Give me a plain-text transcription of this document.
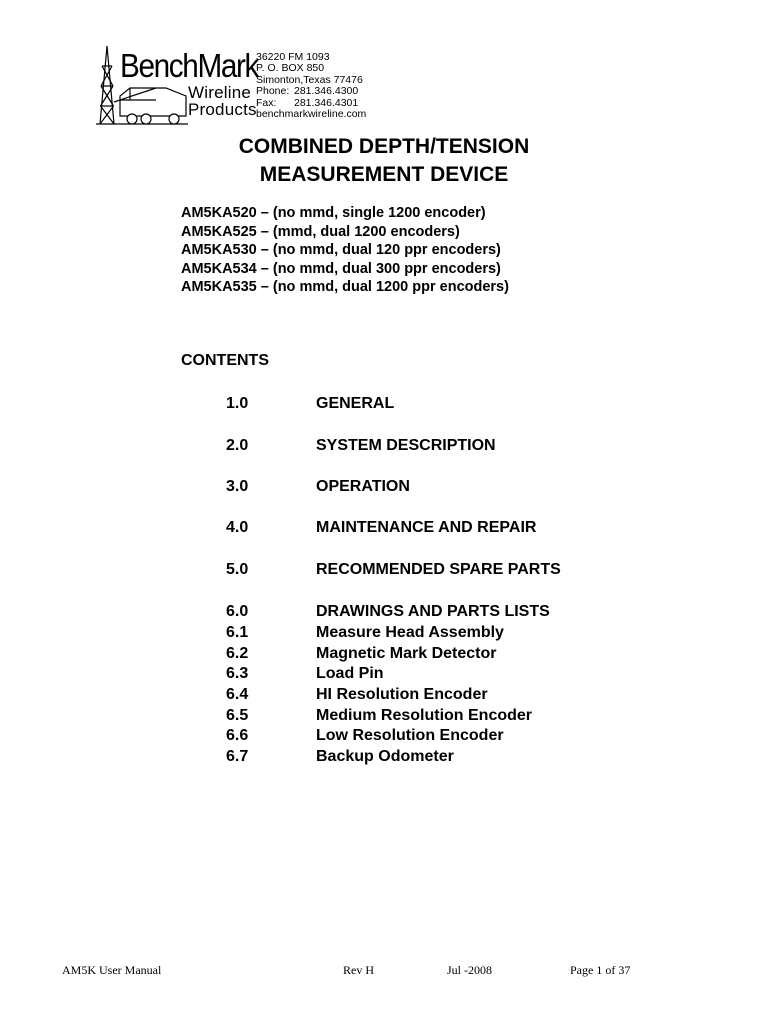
BenchMark
Wireline
Products
36220 FM 1093
P. O. BOX 850
Simonton,Texas 77476
Phone: 281.346.4300
Fax: 281.346.4301
benchmarkwireline.com
COMBINED DEPTH/TENSION
MEASUREMENT DEVICE
AM5KA520 – (no mmd, single 1200 encoder)
AM5KA525 – (mmd, dual 1200 encoders)
AM5KA530 – (no mmd, dual 120 ppr encoders)
AM5KA534 – (no mmd, dual 300 ppr encoders)
AM5KA535 – (no mmd, dual 1200 ppr encoders)
CONTENTS
1.0	GENERAL
2.0	SYSTEM DESCRIPTION
3.0	OPERATION
4.0	MAINTENANCE AND REPAIR
5.0	RECOMMENDED SPARE PARTS
6.0	DRAWINGS AND PARTS LISTS
6.1	Measure Head Assembly
6.2	Magnetic Mark Detector
6.3	Load Pin
6.4	HI Resolution Encoder
6.5	Medium Resolution Encoder
6.6	Low Resolution Encoder
6.7	Backup Odometer
AM5K User Manual	Rev H	Jul -2008	Page 1 of 37
